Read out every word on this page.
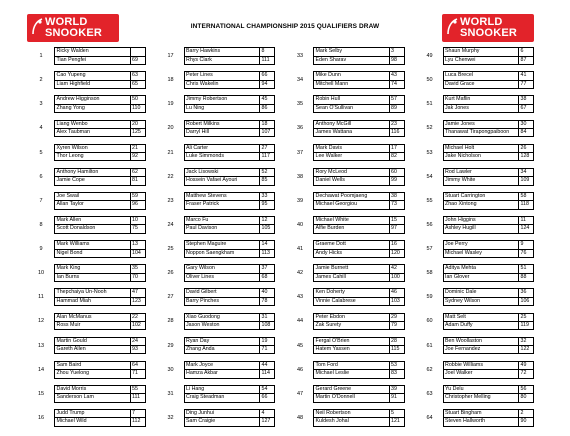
WORLD
SNOOKER
INTERNATIONAL CHAMPIONSHIP 2015 QUALIFIERS DRAW	WORLD
SNOOKER
1
Ricky Walden
Tian Pengfei	69
2
Cao Yupeng	63
Liam Highfield	65
3
Andrew Higginson	50
Zhang Yong	110
4
Liang Wenbo	20
Alex Taubman	125
5
Xyren Wilson	21
Thor Leong	92
6
Anthony Hamilton	62
Jamie Cope	81
7
Joe Swail	59
Allan Taylor	96
8
Mark Allen	10
Scott Donaldson	75
9
Mark Williams	13
Nigel Bond	104
10
Mark King	35
Ian Burns	70
11
Thepchaiya Un-Nooh	47
Hammad Miah	123
12
Alan McManus	22
Ross Muir	102
13
Martin Gould	24
Gareth Allen	93
14
Sam Baird	64
Zhou Yuelong	71
15
David Morris	55
Sanderson Lam	111
16
Judd Trump	7
Michael Wild	112
17
Barry Hawkins	8
Rhys Clark	111
18
Peter Lines	66
Chris Wakelin	94
19
Jimmy Robertson	45
Lu Ning	86
20
Robert Milkins	18
Darryl Hill	107
21
Ali Carter	27
Luke Simmonds	117
22
Jack Lisowski	52
Hossein Vafaei Ayouri	85
23
Matthew Stevens	33
Fraser Patrick	95
24
Marco Fu	12
Paul Davison	105
25
Stephen Maguire	14
Noppon Saengkham	113
26
Gary Wilson	37
Oliver Lines	68
27
David Gilbert	40
Barry Pinches	78
28
Xiao Guodong	31
Jason Weston	108
29
Ryan Day	19
Zhang Anda	71
30
Mark Joyce	44
Hamza Akbar	114
31
Li Hang	54
Craig Steadman	66
32
Ding Junhui	4
Sam Craigie	127
33
Mark Selby	3
Eden Sharav	98
34
Mike Dunn	43
Mitchell Mann	74
35
Robin Hull	57
Sean O'Sullivan	89
36
Anthony McGill	23
James Wattana	116
37
Mark Davis	17
Lee Walker	82
38
Rory McLeod	60
Daniel Wells	99
39
Dechawat Poomjaeng	38
Michael Georgiou	73
40
Michael White	15
Alfie Burden	97
41
Graeme Dott	16
Andy Hicks	120
42
Jamie Burnett	42
James Cahill	100
43
Ken Doherty	46
Vinnie Calabrese	103
44
Peter Ebdon	29
Zak Surety	79
45
Fergal O'Brien	28
Hatem Yassen	115
46
Tom Ford	53
Michael Leslie	83
47
Gerard Greene	39
Martin O'Donnell	91
48
Neil Robertson	5
Kuldesh Johal	121
49
Shaun Murphy	6
Lyu Chenwei	87
50
Luca Brecel	41
David Grace	77
51
Kurt Maflin	38
Jak Jones	67
52
Jamie Jones	30
Thanawat Tirapongpaiboon	84
53
Michael Holt	26
Jake Nicholson	128
54
Rod Lawler	34
Jimmy White	109
55
Stuart Carrington	58
Zhao Xintong	118
56
John Higgins	11
Ashley Hugill	124
57
Joe Perry	9
Michael Wasley	76
58
Aditya Mehta	51
Ian Glover	88
59
Dominic Dale	36
Sydney Wilson	106
60
Matt Selt	25
Adam Duffy	119
61
Ben Woollaston	32
Joe Fernandez	122
62
Robbie Williams	49
Joel Walker	72
63
Yu Delu	56
Christopher Melling	80
64
Stuart Bingham	2
Steven Hallworth	90
